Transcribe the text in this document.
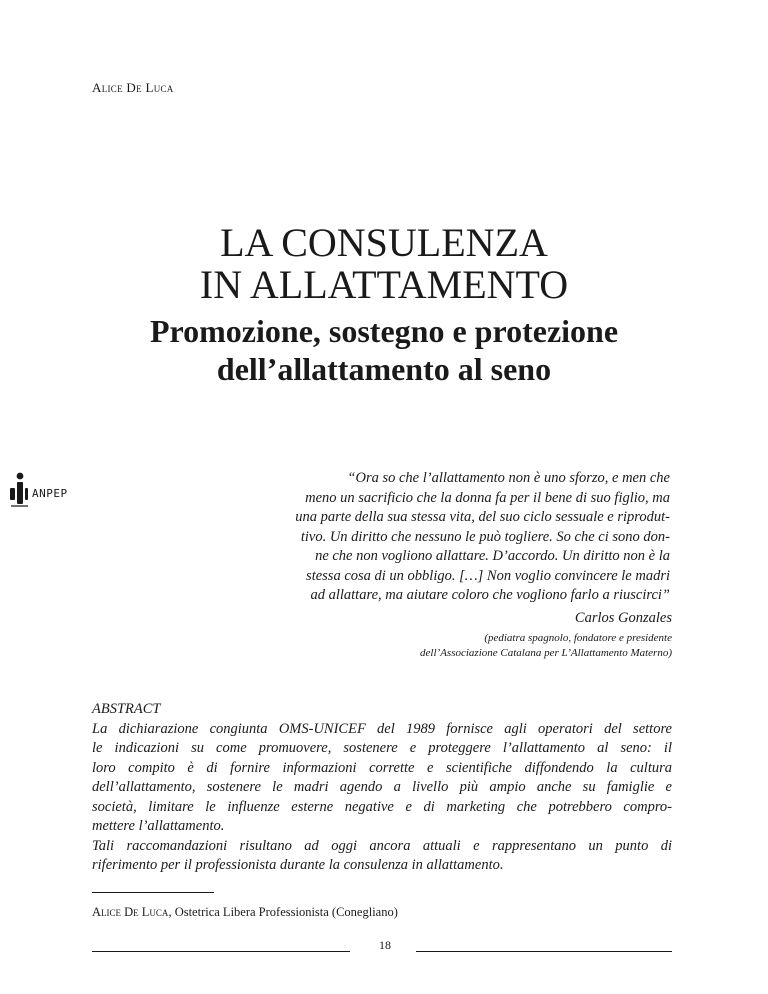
Alice De Luca
LA CONSULENZA
IN ALLATTAMENTO
Promozione, sostegno e protezione
dell’allattamento al seno
ANPEP
“Ora so che l’allattamento non è uno sforzo, e men che
meno un sacrificio che la donna fa per il bene di suo figlio, ma
una parte della sua stessa vita, del suo ciclo sessuale e riprodut-
tivo. Un diritto che nessuno le può togliere. So che ci sono don-
ne che non vogliono allattare. D’accordo. Un diritto non è la
stessa cosa di un obbligo. […] Non voglio convincere le madri
ad allattare, ma aiutare coloro che vogliono farlo a riuscirci”
Carlos Gonzales
(pediatra spagnolo, fondatore e presidente
dell’Associazione Catalana per L’Allattamento Materno)
ABSTRACT
La dichiarazione congiunta OMS-UNICEF del 1989 fornisce agli operatori del settore
le indicazioni su come promuovere, sostenere e proteggere l’allattamento al seno: il
loro compito è di fornire informazioni corrette e scientifiche diffondendo la cultura
dell’allattamento, sostenere le madri agendo a livello più ampio anche su famiglie e
società, limitare le influenze esterne negative e di marketing che potrebbero compro-
mettere l’allattamento.
Tali raccomandazioni risultano ad oggi ancora attuali e rappresentano un punto di
riferimento per il professionista durante la consulenza in allattamento.
Alice De Luca, Ostetrica Libera Professionista (Conegliano)
18
